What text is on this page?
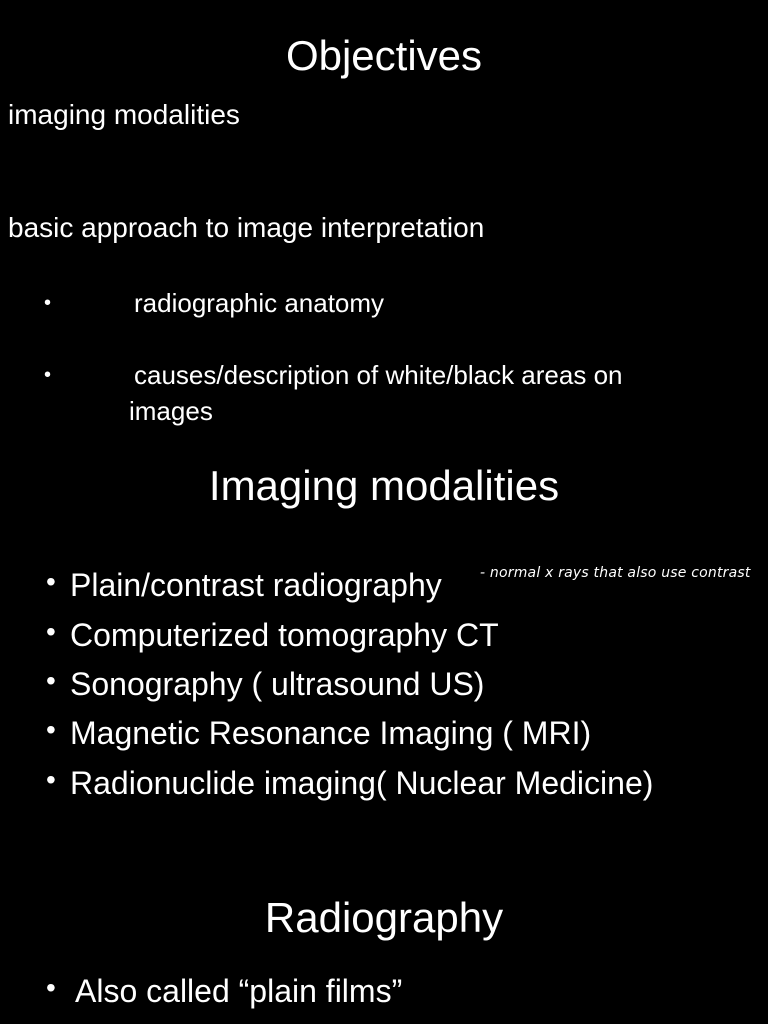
Objectives
imaging modalities
basic approach to image interpretation
•	radiographic anatomy
•	causes/description of white/black areas on
images
Imaging modalities
• Plain/contrast radiography
• Computerized tomography CT
• Sonography ( ultrasound US)
• Magnetic Resonance Imaging ( MRI)
• Radionuclide imaging( Nuclear Medicine)
- normal x rays that also use contrast
Radiography
• Also called “plain films”
